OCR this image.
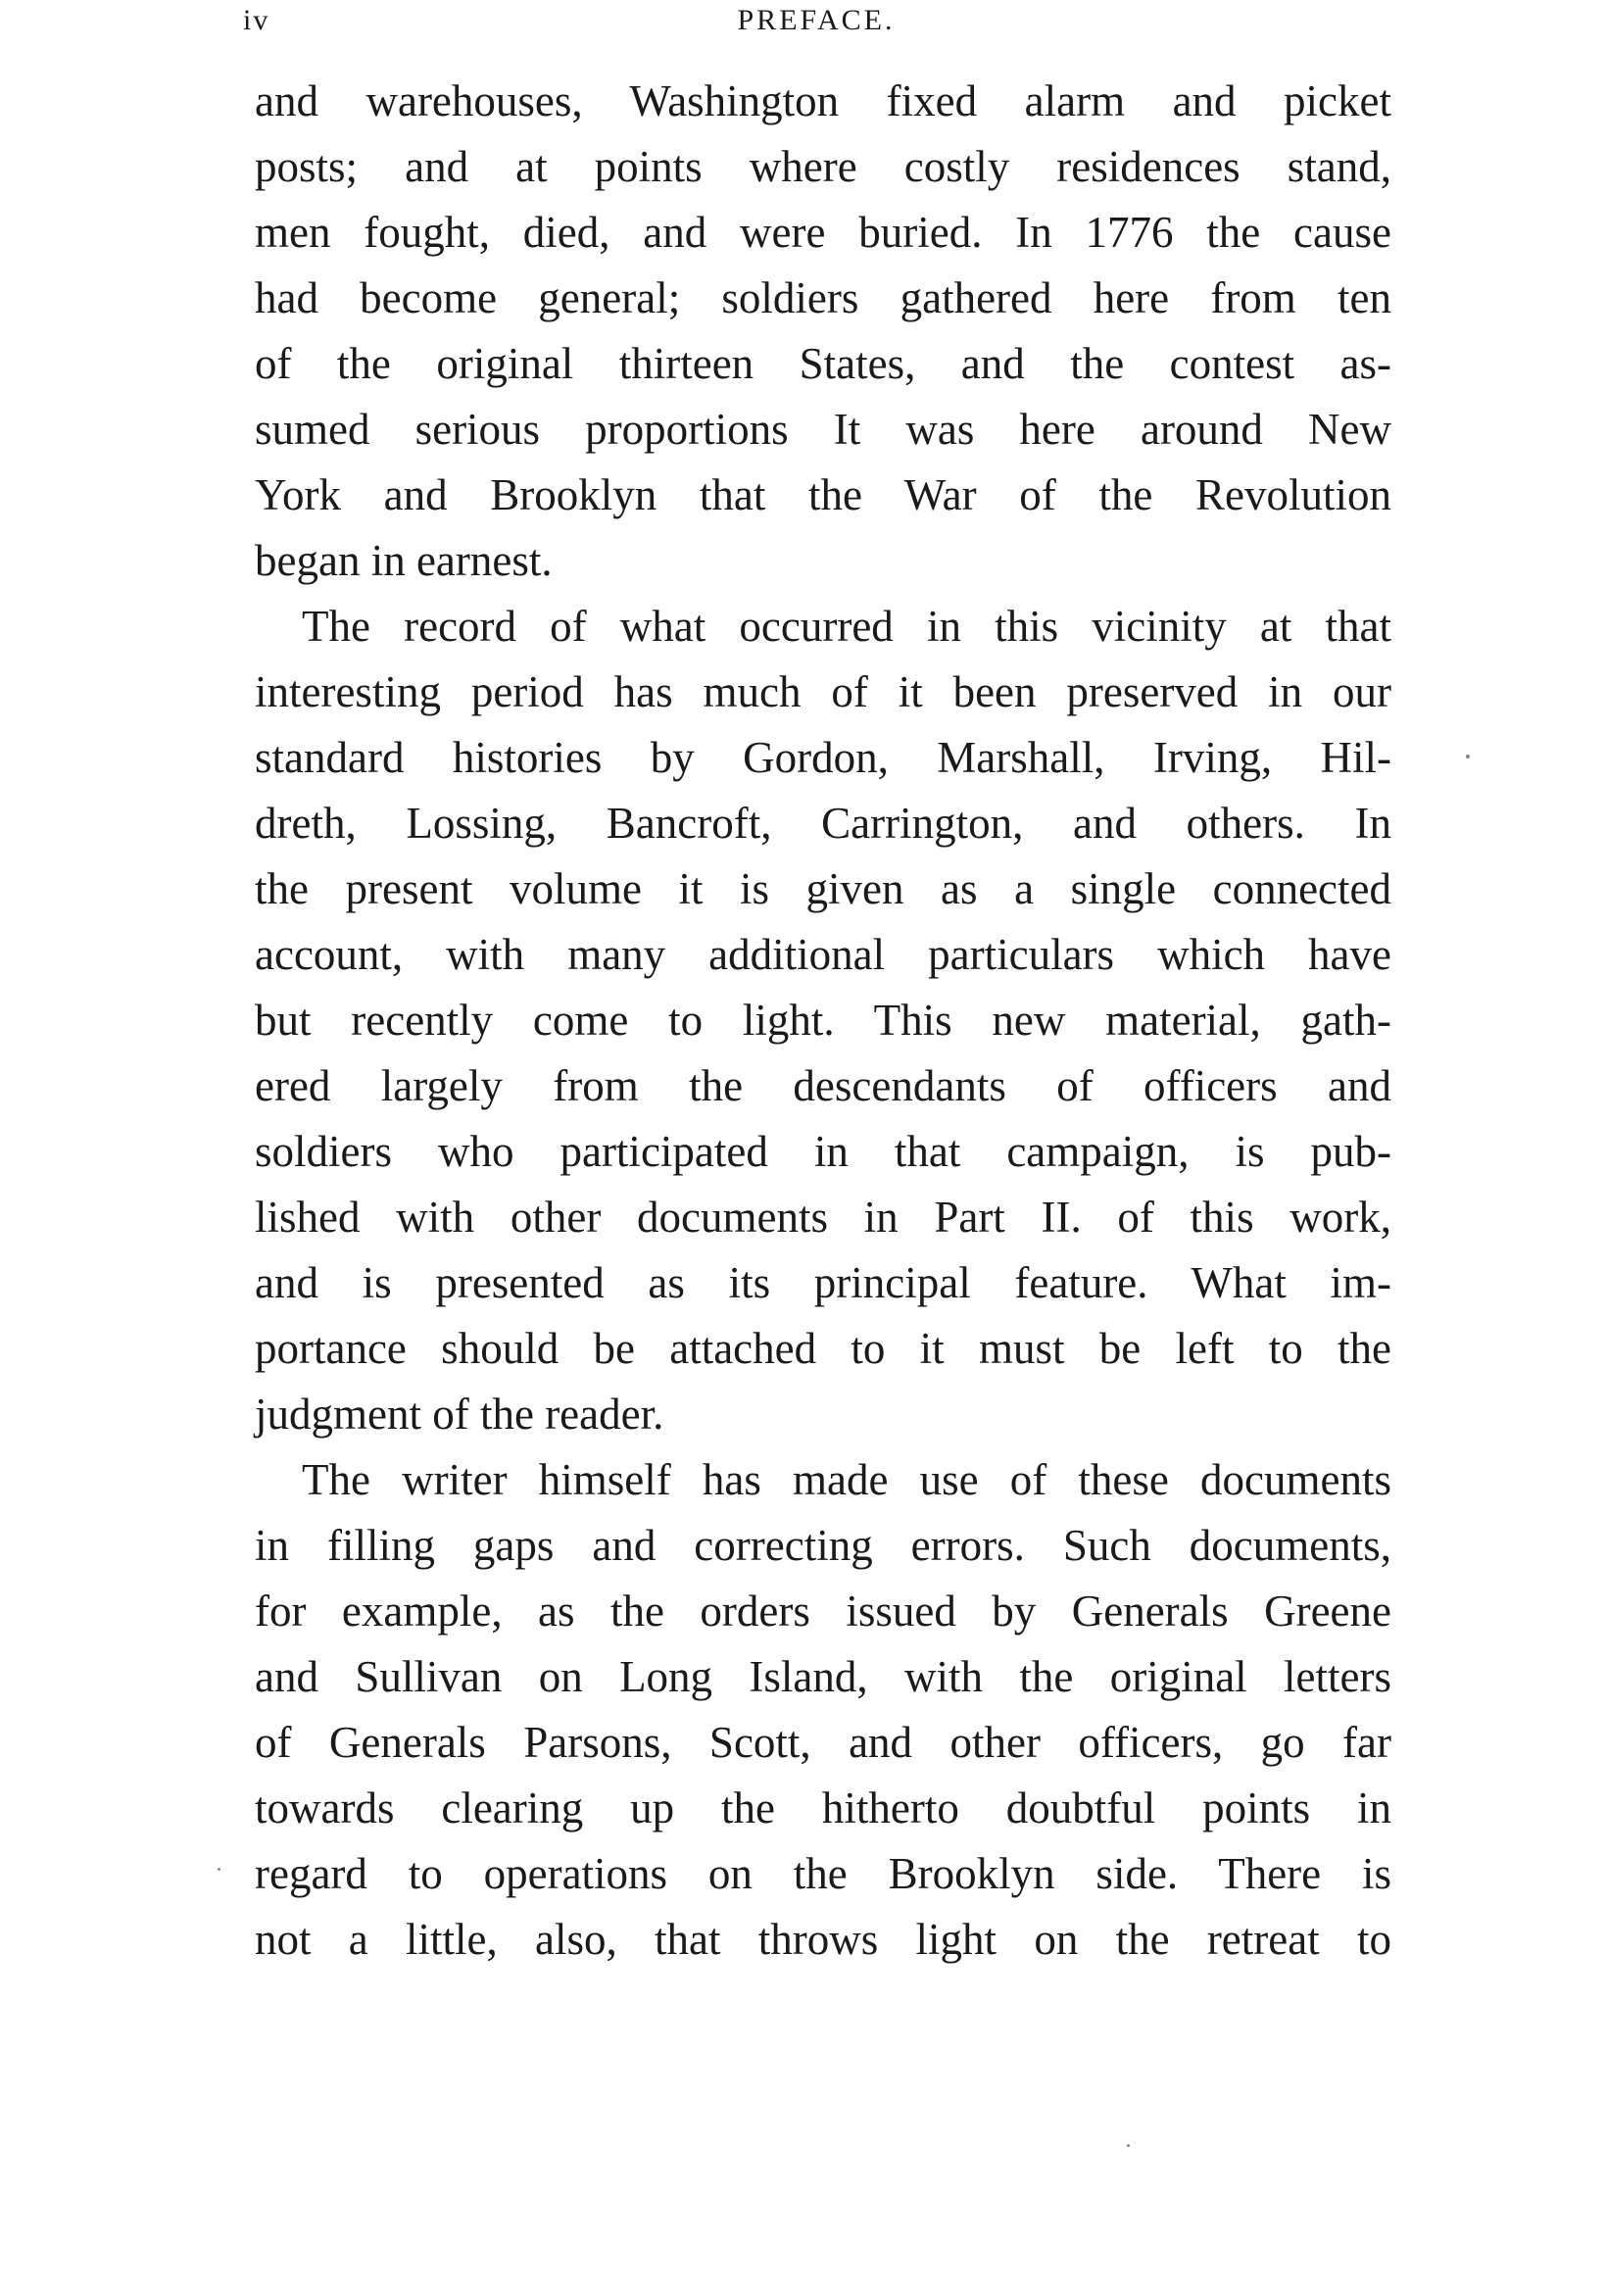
iv	PREFACE.
and warehouses, Washington fixed alarm and picket
posts; and at points where costly residences stand,
men fought, died, and were buried. In 1776 the cause
had become general; soldiers gathered here from ten
of the original thirteen States, and the contest as-
sumed serious proportions It was here around New
York and Brooklyn that the War of the Revolution
began in earnest.
The record of what occurred in this vicinity at that
interesting period has much of it been preserved in our
standard histories by Gordon, Marshall, Irving, Hil-
dreth, Lossing, Bancroft, Carrington, and others. In
the present volume it is given as a single connected
account, with many additional particulars which have
but recently come to light. This new material, gath-
ered largely from the descendants of officers and
soldiers who participated in that campaign, is pub-
lished with other documents in Part II. of this work,
and is presented as its principal feature. What im-
portance should be attached to it must be left to the
judgment of the reader.
The writer himself has made use of these documents
in filling gaps and correcting errors. Such documents,
for example, as the orders issued by Generals Greene
and Sullivan on Long Island, with the original letters
of Generals Parsons, Scott, and other officers, go far
towards clearing up the hitherto doubtful points in
regard to operations on the Brooklyn side. There is
not a little, also, that throws light on the retreat to
